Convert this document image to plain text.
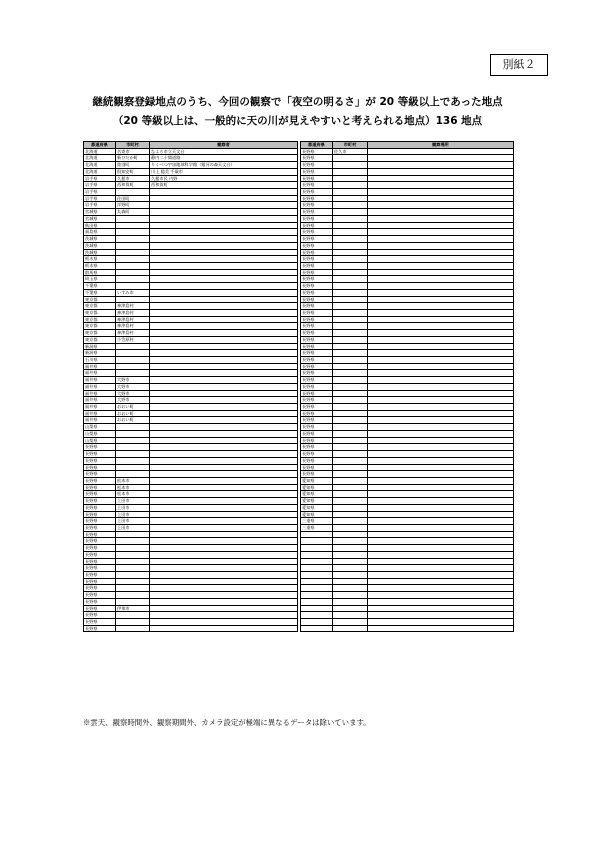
別紙２
継続観察登録地点のうち、今回の観察で「夜空の明るさ」が 20 等級以上であった地点
（20 等級以上は、一般的に天の川が見えやすいと考えられる地点）136 地点
都道府県	市町村	観察者
北海道	名寄市	なよろ市立天文台
北海道	新ひだか町	静内二十間道路
北海道	陸別町	りくべつ宇宙地球科学館（銀河の森天文台）
北海道	倶知安町	川上 稔美 千歳市
岩手県	久慈市	久慈市民 内野
岩手県	西和賀町	西和賀町
岩手県		
岩手県	住田町	
岩手県	洋野町	
宮城県	丸森町	
宮城県		
秋田県		
福島県		
茨城県		
茨城県		
茨城県		
栃木県		
栃木県		
群馬県		
埼玉県		
千葉県		
千葉県	いすみ市	
東京都		
東京都	神津島村	
東京都	神津島村	
東京都	神津島村	
東京都	神津島村	
東京都	神津島村	
東京都	小笠原村	
新潟県		
新潟県		
石川県		
福井県		
福井県		
福井県	大野市	
福井県	大野市	
福井県	大野市	
福井県	大野市	
福井県	おおい町	
福井県	おおい町	
福井県	おおい町	
山梨県		
山梨県		
山梨県		
長野県		
長野県		
長野県		
長野県		
長野県		
長野県	松本市	
長野県	松本市	
長野県	松本市	
長野県	上田市	
長野県	上田市	
長野県	上田市	
長野県	上田市	
長野県	上田市	
長野県		
長野県		
長野県		
長野県		
長野県		
長野県		
長野県		
長野県		
長野県		
長野県		
長野県		
長野県	伊那市	
長野県		
長野県		
長野県		
都道府県	市町村	観察場所
長野県	佐久市	
長野県		
長野県		
長野県		
長野県		
長野県		
長野県		
長野県		
長野県		
長野県		
長野県		
長野県		
長野県		
長野県		
長野県		
長野県		
長野県		
長野県		
長野県		
長野県		
長野県		
長野県		
長野県		
長野県		
長野県		
長野県		
長野県		
長野県		
長野県		
長野県		
長野県		
長野県		
長野県		
長野県		
長野県		
長野県		
長野県		
長野県		
長野県		
長野県		
長野県		
長野県		
長野県		
長野県		
長野県		
長野県		
長野県		
長野県		
長野県		
愛知県		
愛知県		
愛知県		
愛知県		
愛知県		
愛知県		
三重県		
三重県		

※雲天、観察時間外、観察期間外、カメラ設定が極端に異なるデータは除いています。
